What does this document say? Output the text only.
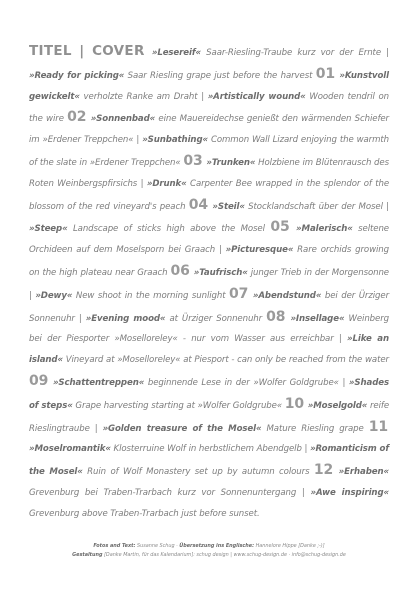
TITEL | COVER »Lesereif« Saar-Riesling-Traube kurz vor der Ernte | »Ready for picking« Saar Riesling grape just before the harvest 01 »Kunstvoll gewickelt« verholzte Ranke am Draht | »Artistically wound« Wooden tendril on the wire 02 »Sonnenbad« eine Mauereidechse genießt den wärmenden Schiefer im »Erdener Treppchen« | »Sunbathing« Common Wall Lizard enjoying the warmth of the slate in »Erdener Treppchen« 03 »Trunken« Holzbiene im Blütenrausch des Roten Weinbergspfirsichs | »Drunk« Carpenter Bee wrapped in the splendor of the blossom of the red vineyard's peach 04 »Steil« Stocklandschaft über der Mosel | »Steep« Landscape of sticks high above the Mosel 05 »Malerisch« seltene Orchideen auf dem Moselsporn bei Graach | »Picturesque« Rare orchids growing on the high plateau near Graach 06 »Taufrisch« junger Trieb in der Morgensonne | »Dewy« New shoot in the morning sunlight 07 »Abendstund« bei der Ürziger Sonnenuhr | »Evening mood« at Ürziger Sonnenuhr 08 »Insellage« Weinberg bei der Piesporter »Moselloreley« - nur vom Wasser aus erreichbar | »Like an island« Vineyard at »Moselloreley« at Piesport - can only be reached from the water 09 »Schattentreppen« beginnende Lese in der »Wolfer Goldgrube« | »Shades of steps« Grape harvesting starting at »Wolfer Goldgrube« 10 »Moselgold« reife Rieslingtraube | »Golden treasure of the Mosel« Mature Riesling grape 11 »Moselromantik« Klosterruine Wolf in herbstlichem Abendgelb | »Romanticism of the Mosel« Ruin of Wolf Monastery set up by autumn colours 12 »Erhaben« Grevenburg bei Traben-Trarbach kurz vor Sonnenuntergang | »Awe inspiring« Grevenburg above Traben-Trarbach just before sunset.
Fotos and Text: Susanne Schug · Übersetzung ins Englische: Hannelore Hippe [Danke ;-)]
Gestaltung [Danke Martin, für das Kalendarium]: schug design | www.schug-design.de · info@schug-design.de
